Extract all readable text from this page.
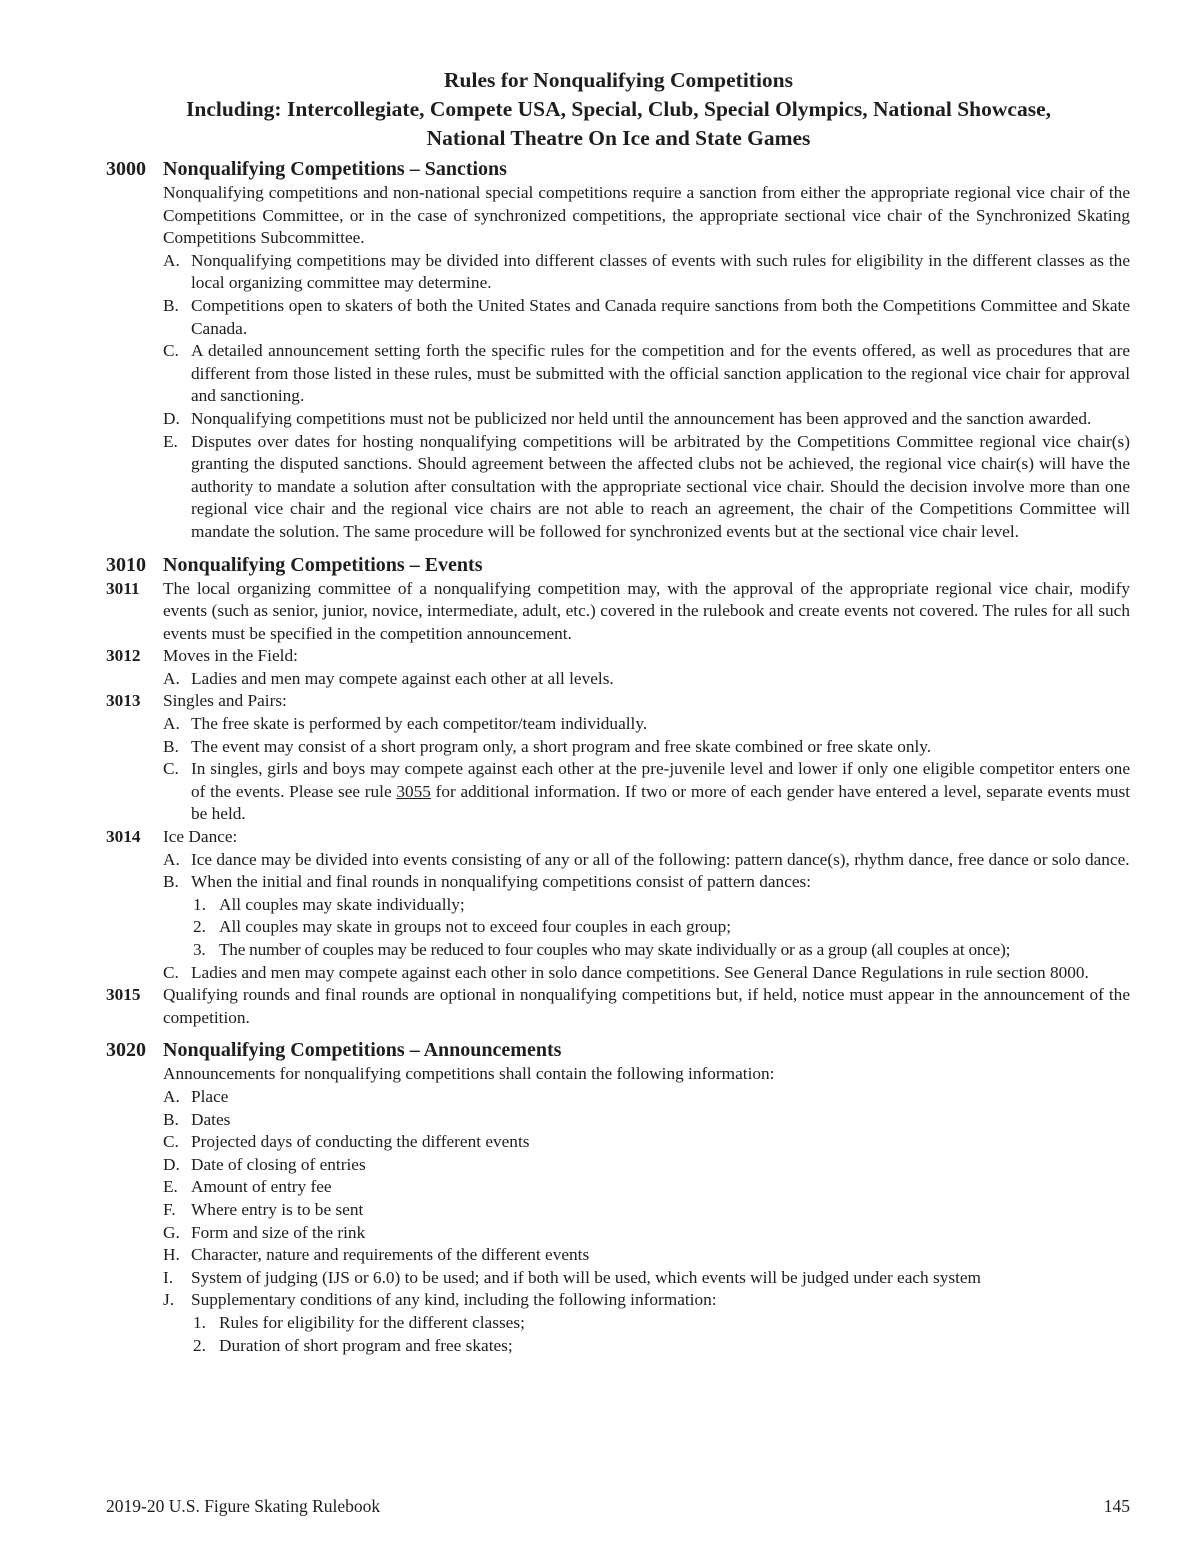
Rules for Nonqualifying Competitions
Including: Intercollegiate, Compete USA, Special, Club, Special Olympics, National Showcase,
National Theatre On Ice and State Games
3000 Nonqualifying Competitions – Sanctions
Nonqualifying competitions and non-national special competitions require a sanction from either the appropriate regional vice chair of the Competitions Committee, or in the case of synchronized competitions, the appropriate sectional vice chair of the Synchronized Skating Competitions Subcommittee.
A. Nonqualifying competitions may be divided into different classes of events with such rules for eligibility in the different classes as the local organizing committee may determine.
B. Competitions open to skaters of both the United States and Canada require sanctions from both the Competitions Committee and Skate Canada.
C. A detailed announcement setting forth the specific rules for the competition and for the events offered, as well as procedures that are different from those listed in these rules, must be submitted with the official sanction application to the regional vice chair for approval and sanctioning.
D. Nonqualifying competitions must not be publicized nor held until the announcement has been approved and the sanction awarded.
E. Disputes over dates for hosting nonqualifying competitions will be arbitrated by the Competitions Committee regional vice chair(s) granting the disputed sanctions. Should agreement between the affected clubs not be achieved, the regional vice chair(s) will have the authority to mandate a solution after consultation with the appropriate sectional vice chair. Should the decision involve more than one regional vice chair and the regional vice chairs are not able to reach an agreement, the chair of the Competitions Committee will mandate the solution. The same procedure will be followed for synchronized events but at the sectional vice chair level.
3010 Nonqualifying Competitions – Events
3011 The local organizing committee of a nonqualifying competition may, with the approval of the appropriate regional vice chair, modify events (such as senior, junior, novice, intermediate, adult, etc.) covered in the rulebook and create events not covered. The rules for all such events must be specified in the competition announcement.
3012 Moves in the Field:
A. Ladies and men may compete against each other at all levels.
3013 Singles and Pairs:
A. The free skate is performed by each competitor/team individually.
B. The event may consist of a short program only, a short program and free skate combined or free skate only.
C. In singles, girls and boys may compete against each other at the pre-juvenile level and lower if only one eligible competitor enters one of the events. Please see rule 3055 for additional information. If two or more of each gender have entered a level, separate events must be held.
3014 Ice Dance:
A. Ice dance may be divided into events consisting of any or all of the following: pattern dance(s), rhythm dance, free dance or solo dance.
B. When the initial and final rounds in nonqualifying competitions consist of pattern dances:
1. All couples may skate individually;
2. All couples may skate in groups not to exceed four couples in each group;
3. The number of couples may be reduced to four couples who may skate individually or as a group (all couples at once);
C. Ladies and men may compete against each other in solo dance competitions. See General Dance Regulations in rule section 8000.
3015 Qualifying rounds and final rounds are optional in nonqualifying competitions but, if held, notice must appear in the announcement of the competition.
3020 Nonqualifying Competitions – Announcements
Announcements for nonqualifying competitions shall contain the following information:
A. Place
B. Dates
C. Projected days of conducting the different events
D. Date of closing of entries
E. Amount of entry fee
F. Where entry is to be sent
G. Form and size of the rink
H. Character, nature and requirements of the different events
I. System of judging (IJS or 6.0) to be used; and if both will be used, which events will be judged under each system
J. Supplementary conditions of any kind, including the following information:
1. Rules for eligibility for the different classes;
2. Duration of short program and free skates;
2019-20 U.S. Figure Skating Rulebook	145
